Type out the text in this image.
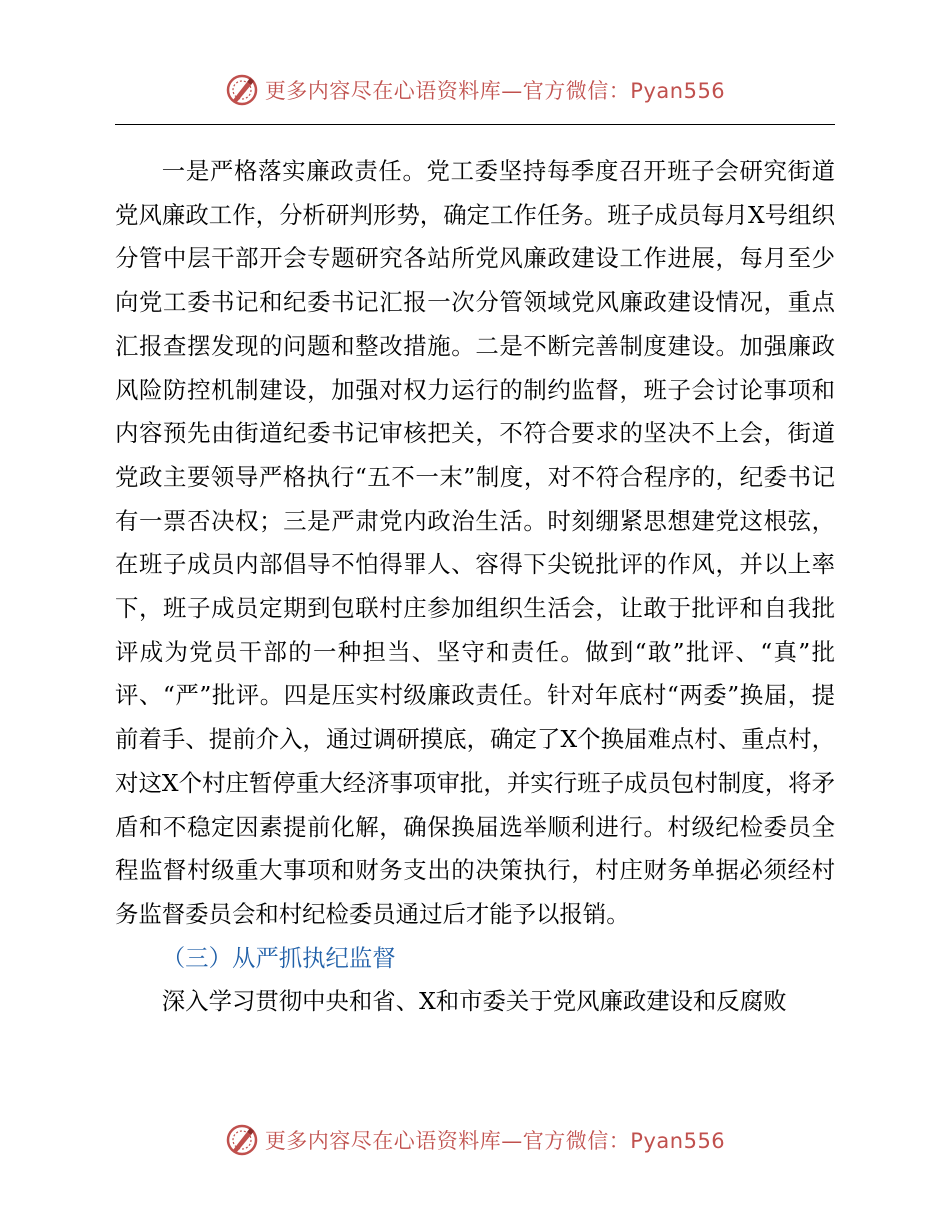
更多内容尽在心语资料库—官方微信：Pyan556

一是严格落实廉政责任。党工委坚持每季度召开班子会研究街道党风廉政工作，分析研判形势，确定工作任务。班子成员每月X号组织分管中层干部开会专题研究各站所党风廉政建设工作进展，每月至少向党工委书记和纪委书记汇报一次分管领域党风廉政建设情况，重点汇报查摆发现的问题和整改措施。二是不断完善制度建设。加强廉政风险防控机制建设，加强对权力运行的制约监督，班子会讨论事项和内容预先由街道纪委书记审核把关，不符合要求的坚决不上会，街道党政主要领导严格执行“五不一末”制度，对不符合程序的，纪委书记有一票否决权；三是严肃党内政治生活。时刻绷紧思想建党这根弦，在班子成员内部倡导不怕得罪人、容得下尖锐批评的作风，并以上率下，班子成员定期到包联村庄参加组织生活会，让敢于批评和自我批评成为党员干部的一种担当、坚守和责任。做到“敢”批评、“真”批评、“严”批评。四是压实村级廉政责任。针对年底村“两委”换届，提前着手、提前介入，通过调研摸底，确定了X个换届难点村、重点村，对这X个村庄暂停重大经济事项审批，并实行班子成员包村制度，将矛盾和不稳定因素提前化解，确保换届选举顺利进行。村级纪检委员全程监督村级重大事项和财务支出的决策执行，村庄财务单据必须经村务监督委员会和村纪检委员通过后才能予以报销。

（三）从严抓执纪监督

深入学习贯彻中央和省、X和市委关于党风廉政建设和反腐败

更多内容尽在心语资料库—官方微信：Pyan556
